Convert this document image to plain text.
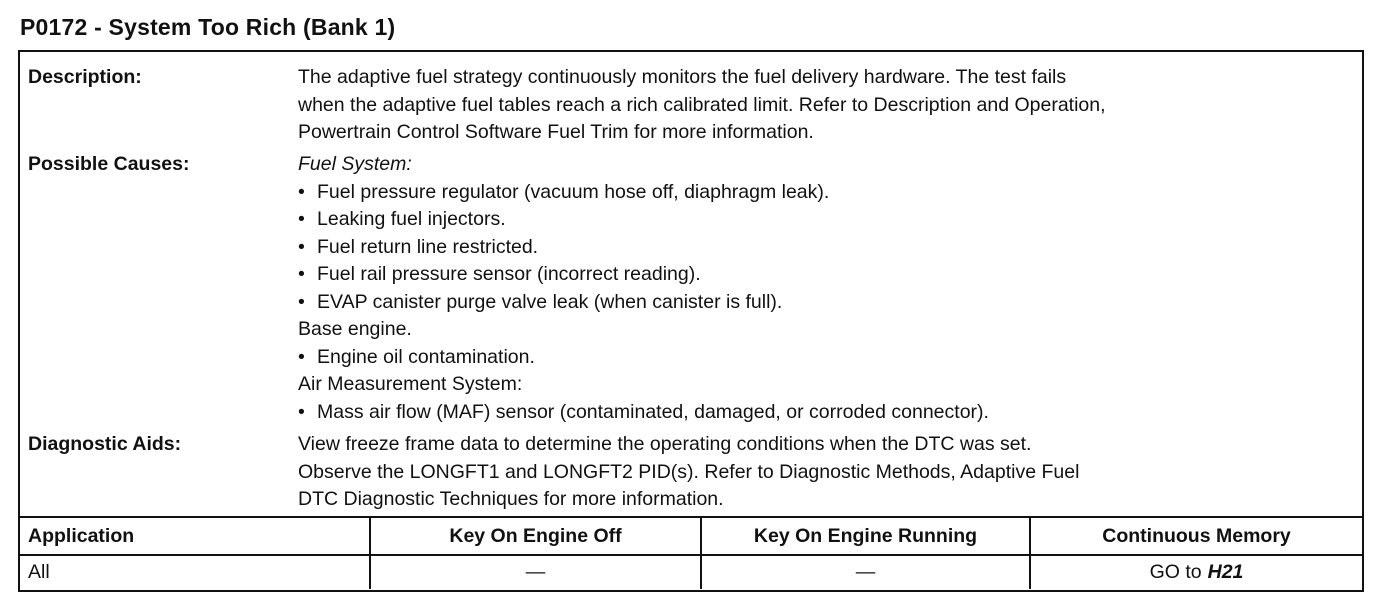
P0172 - System Too Rich (Bank 1)
Description:	The adaptive fuel strategy continuously monitors the fuel delivery hardware. The test fails
when the adaptive fuel tables reach a rich calibrated limit. Refer to Description and Operation,
Powertrain Control Software Fuel Trim for more information.
Possible Causes:	Fuel System:
• Fuel pressure regulator (vacuum hose off, diaphragm leak).
• Leaking fuel injectors.
• Fuel return line restricted.
• Fuel rail pressure sensor (incorrect reading).
• EVAP canister purge valve leak (when canister is full).
Base engine.
• Engine oil contamination.
Air Measurement System:
• Mass air flow (MAF) sensor (contaminated, damaged, or corroded connector).
Diagnostic Aids:	View freeze frame data to determine the operating conditions when the DTC was set.
Observe the LONGFT1 and LONGFT2 PID(s). Refer to Diagnostic Methods, Adaptive Fuel
DTC Diagnostic Techniques for more information.
Application	Key On Engine Off	Key On Engine Running	Continuous Memory
All	—	—	GO to H21
